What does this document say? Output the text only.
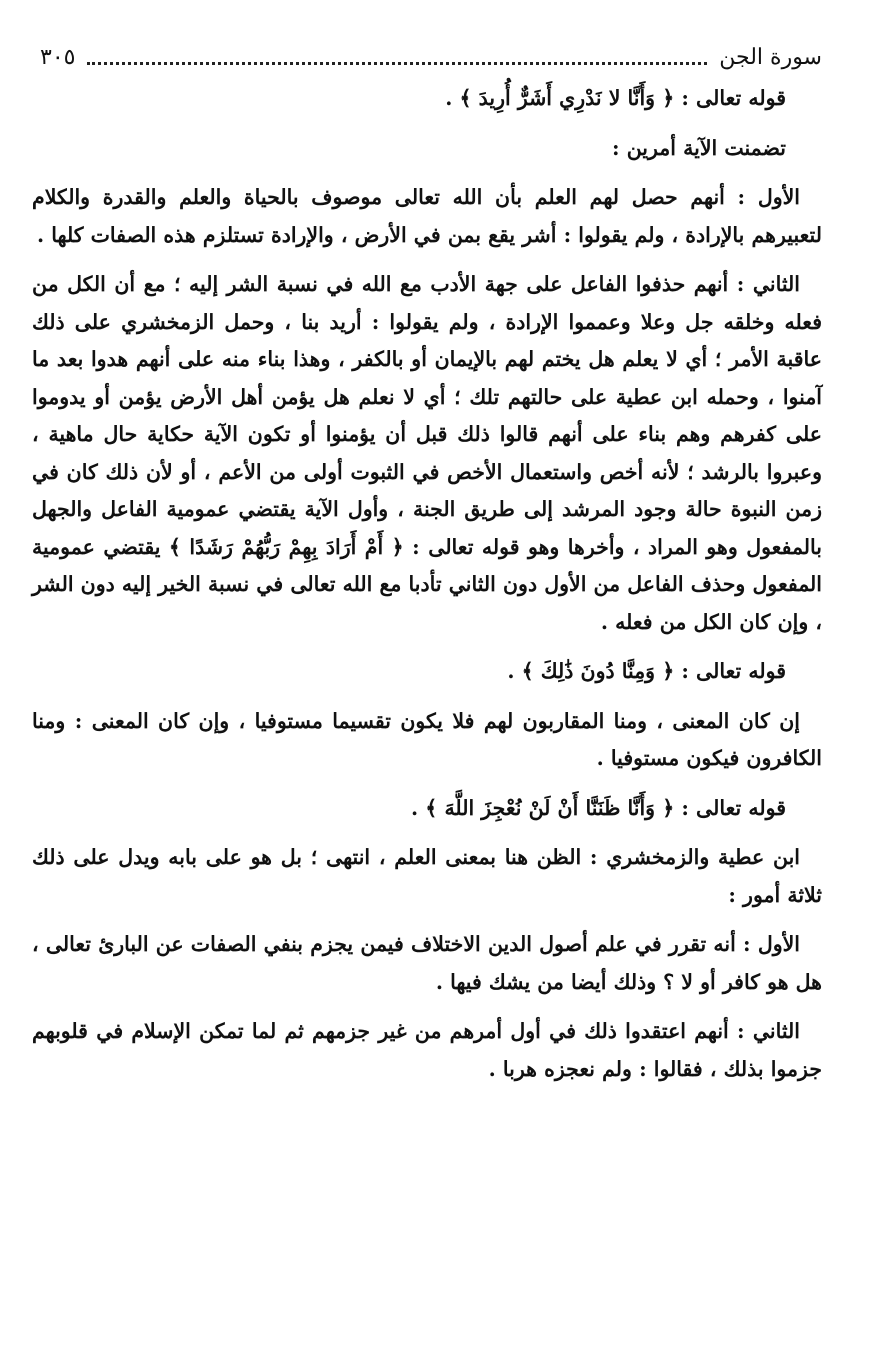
سورة الجن
٣٠٥

قوله تعالى : ﴿ وَأَنَّا لا نَدْرِي أَشَرٌّ أُرِيدَ ﴾ .

تضمنت الآية أمرين :

الأول : أنهم حصل لهم العلم بأن الله تعالى موصوف بالحياة والعلم والقدرة والكلام لتعبيرهم بالإرادة ، ولم يقولوا : أشر يقع بمن في الأرض ، والإرادة تستلزم هذه الصفات كلها .

الثاني : أنهم حذفوا الفاعل على جهة الأدب مع الله في نسبة الشر إليه ؛ مع أن الكل من فعله وخلقه جل وعلا وعمموا الإرادة ، ولم يقولوا : أريد بنا ، وحمل الزمخشري على ذلك عاقبة الأمر ؛ أي لا يعلم هل يختم لهم بالإيمان أو بالكفر ، وهذا بناء منه على أنهم هدوا بعد ما آمنوا ، وحمله ابن عطية على حالتهم تلك ؛ أي لا نعلم هل يؤمن أهل الأرض يؤمن أو يدوموا على كفرهم وهم بناء على أنهم قالوا ذلك قبل أن يؤمنوا أو تكون الآية حكاية حال ماهية ، وعبروا بالرشد ؛ لأنه أخص واستعمال الأخص في الثبوت أولى من الأعم ، أو لأن ذلك كان في زمن النبوة حالة وجود المرشد إلى طريق الجنة ، وأول الآية يقتضي عمومية الفاعل والجهل بالمفعول وهو المراد ، وأخرها وهو قوله تعالى : ﴿ أَمْ أَرَادَ بِهِمْ رَبُّهُمْ رَشَدًا ﴾ يقتضي عمومية المفعول وحذف الفاعل من الأول دون الثاني تأدبا مع الله تعالى في نسبة الخير إليه دون الشر ، وإن كان الكل من فعله .

قوله تعالى : ﴿ وَمِنَّا دُونَ ذَٰلِكَ ﴾ .

إن كان المعنى ، ومنا المقاربون لهم فلا يكون تقسيما مستوفيا ، وإن كان المعنى : ومنا الكافرون فيكون مستوفيا .

قوله تعالى : ﴿ وَأَنَّا ظَنَنَّا أَنْ لَنْ نُعْجِزَ اللَّهَ ﴾ .

ابن عطية والزمخشري : الظن هنا بمعنى العلم ، انتهى ؛ بل هو على بابه ويدل على ذلك ثلاثة أمور :

الأول : أنه تقرر في علم أصول الدين الاختلاف فيمن يجزم بنفي الصفات عن البارئ تعالى ، هل هو كافر أو لا ؟ وذلك أيضا من يشك فيها .

الثاني : أنهم اعتقدوا ذلك في أول أمرهم من غير جزمهم ثم لما تمكن الإسلام في قلوبهم جزموا بذلك ، فقالوا : ولم نعجزه هربا .
